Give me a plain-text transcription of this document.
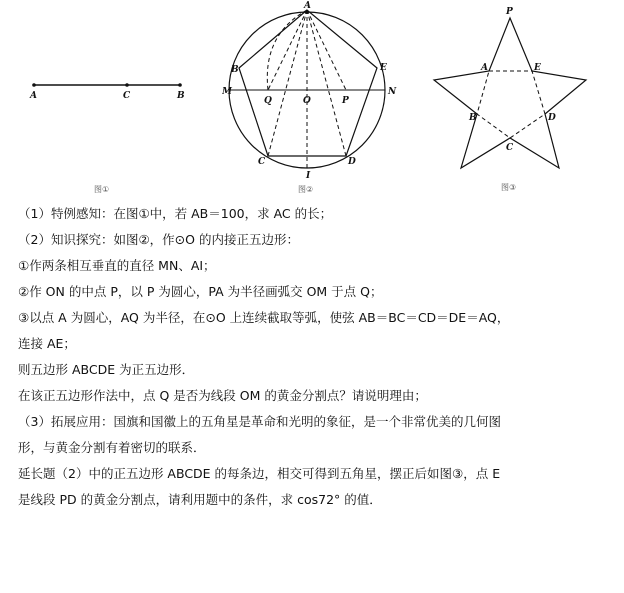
A	C	B
图①
A
B
C	D
E
M	N
Q	O	P
I
图②
P
A	E
B	D
C
图③
（1）特例感知：在图①中，若 AB＝100，求 AC 的长；
（2）知识探究：如图②，作⊙O 的内接正五边形：
①作两条相互垂直的直径 MN、AI；
②作 ON 的中点 P，以 P 为圆心，PA 为半径画弧交 OM 于点 Q；
③以点 A 为圆心，AQ 为半径，在⊙O 上连续截取等弧，使弦 AB＝BC＝CD＝DE＝AQ，
连接 AE；
则五边形 ABCDE 为正五边形．
在该正五边形作法中，点 Q 是否为线段 OM 的黄金分割点？请说明理由；
（3）拓展应用：国旗和国徽上的五角星是革命和光明的象征，是一个非常优美的几何图
形，与黄金分割有着密切的联系．
延长题（2）中的正五边形 ABCDE 的每条边，相交可得到五角星，摆正后如图③，点 E
是线段 PD 的黄金分割点，请利用题中的条件，求 cos72° 的值．
